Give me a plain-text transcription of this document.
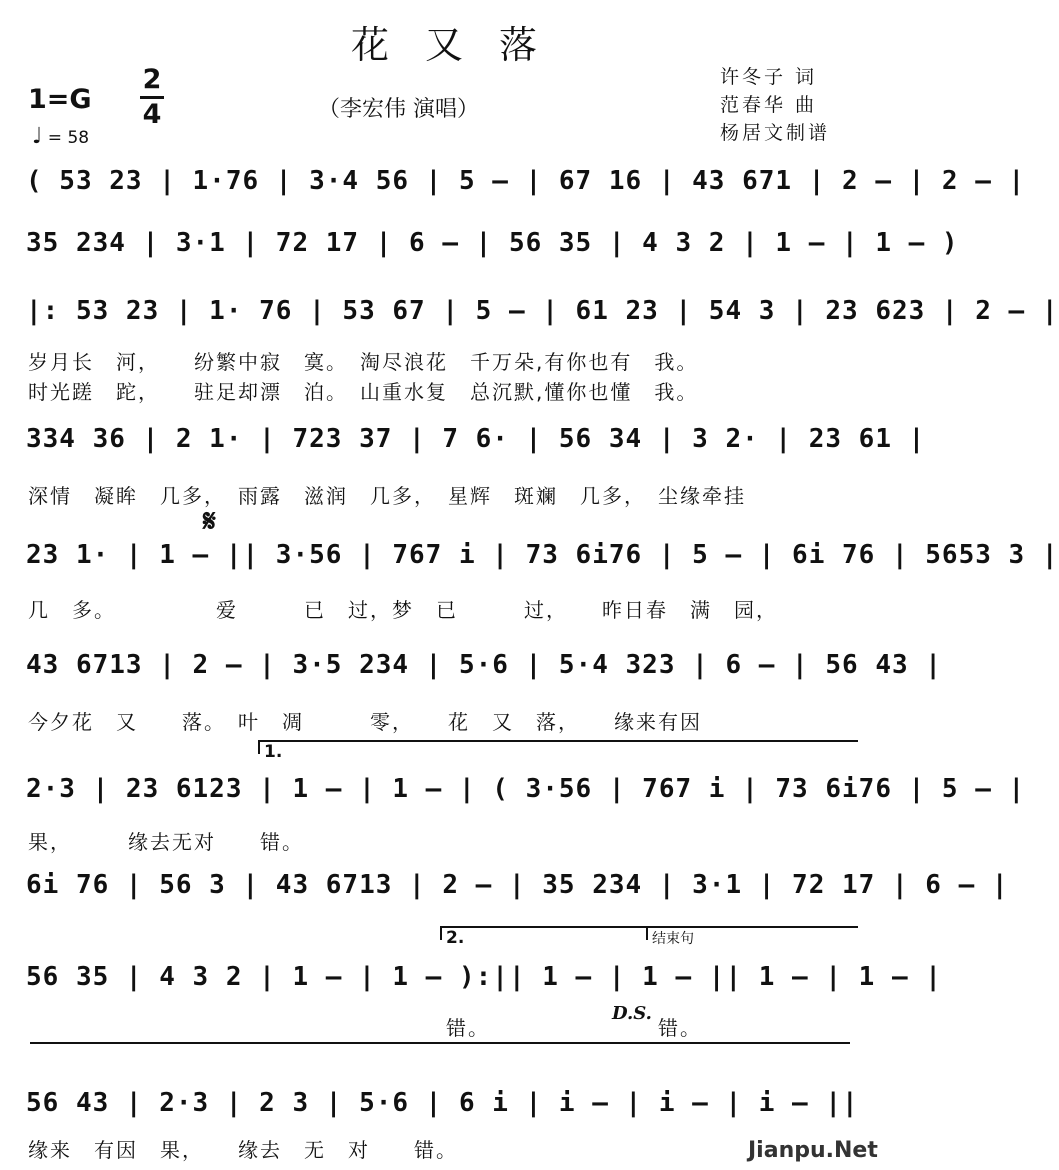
花又落
1=G
2
4
♩ = 58
（李宏伟 演唱）
许冬子 词
范春华 曲
杨居文制谱
( 53 23 | 1·76 | 3·4 56 | 5 – | 67 16 | 43 671 | 2 – | 2 – |
35 234 | 3·1 | 72 17 | 6 – | 56 35 | 4 3 2 | 1 – | 1 – )
|: 53 23 | 1· 76 | 53 67 | 5 – | 61 23 | 54 3 | 23 623 | 2 – |
岁月长　河，　　纷繁中寂　寞。　淘尽浪花　千万朵,有你也有　我。
时光蹉　跎，　　驻足却漂　泊。　山重水复　总沉默,懂你也懂　我。
334 36 | 2 1· | 723 37 | 7 6· | 56 34 | 3 2· | 23 61 |
深情　凝眸　几多，　雨露　滋润　几多，　星辉　斑斓　几多，　尘缘牵挂
𝄋
23 1· | 1 – || 3·56 | 767 i | 73 6i76 | 5 – | 6i 76 | 5653 3 |
几　多。　　　　　爱　　　已　过，梦　已　　　过，　　昨日春　满　园，
43 6713 | 2 – | 3·5 234 | 5·6 | 5·4 323 | 6 – | 56 43 |
今夕花　又　　落。　叶　凋　　　零，　　花　又　落，　　缘来有因
1.
2·3 | 23 6123 | 1 – | 1 – | ( 3·56 | 767 i | 73 6i76 | 5 – |
果，　　　缘去无对　　错。
6i 76 | 56 3 | 43 6713 | 2 – | 35 234 | 3·1 | 72 17 | 6 – |
2.	结束句
56 35 | 4 3 2 | 1 – | 1 – ):|| 1 – | 1 – || 1 – | 1 – |
错。
D.S.
错。
56 43 | 2·3 | 2 3 | 5·6 | 6 i | i – | i – | i – ||
缘来　有因　果，　　缘去　无　对　　错。	Jianpu.Net
